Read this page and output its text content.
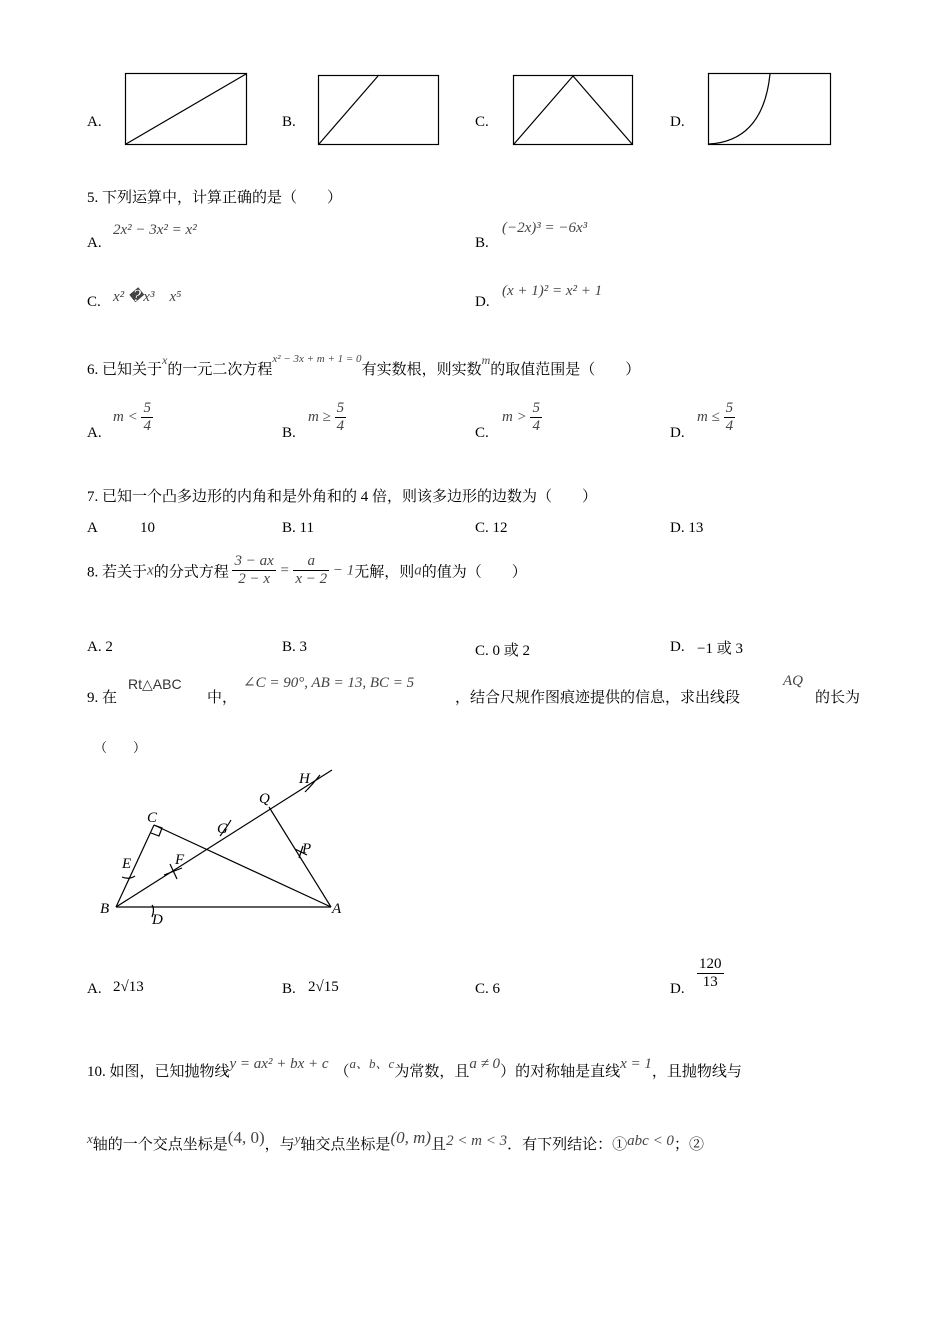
A.	B.	C.	D.
5. 下列运算中，计算正确的是（　　）
A.
2x² − 3x² = x²
B.
(−2x)³ = −6x³
C. x² �x³　x⁵	D.
(x + 1)² = x² + 1
6. 已知关于$^x$的一元二次方程$^{x^2 - 3x + m + 1 = 0}$有实数根，则实数$^m$的取值范围是（　　）
A.
$m < \frac{5}{4}$	B.
$m \ge \frac{5}{4}$	C.
$m > \frac{5}{4}$	D.
$m \le \frac{5}{4}$
7. 已知一个凸多边形的内角和是外角和的 4 倍，则该多边形的边数为（　　）
A	10	B. 11	C. 12	D. 13
8. 若关于x的分式方程 $\frac{3 - ax}{2 - x} = \frac{a}{x - 2} - 1$无解，则a的值为（　　）
A. 2	B. 3	C. 0 或 2	D. −1 或 3
9. 在
Rt△ABC
中，
∠C = 90°, AB = 13, BC = 5
，结合尺规作图痕迹提供的信息，求出线段
AQ
的长为
（　　）
H
Q
C
G
E	F
P
B
D
A
A. 2√13	B. 2√15	C. 6	D. $\frac{120}{13}$
10. 如图，已知抛物线y = ax² + bx + c （a、b、c为常数，且a ≠ 0）的对称轴是直线x = 1，且抛物线与
x轴的一个交点坐标是(4, 0)，与y轴交点坐标是(0, m)且2 < m < 3．有下列结论：①abc < 0；②
